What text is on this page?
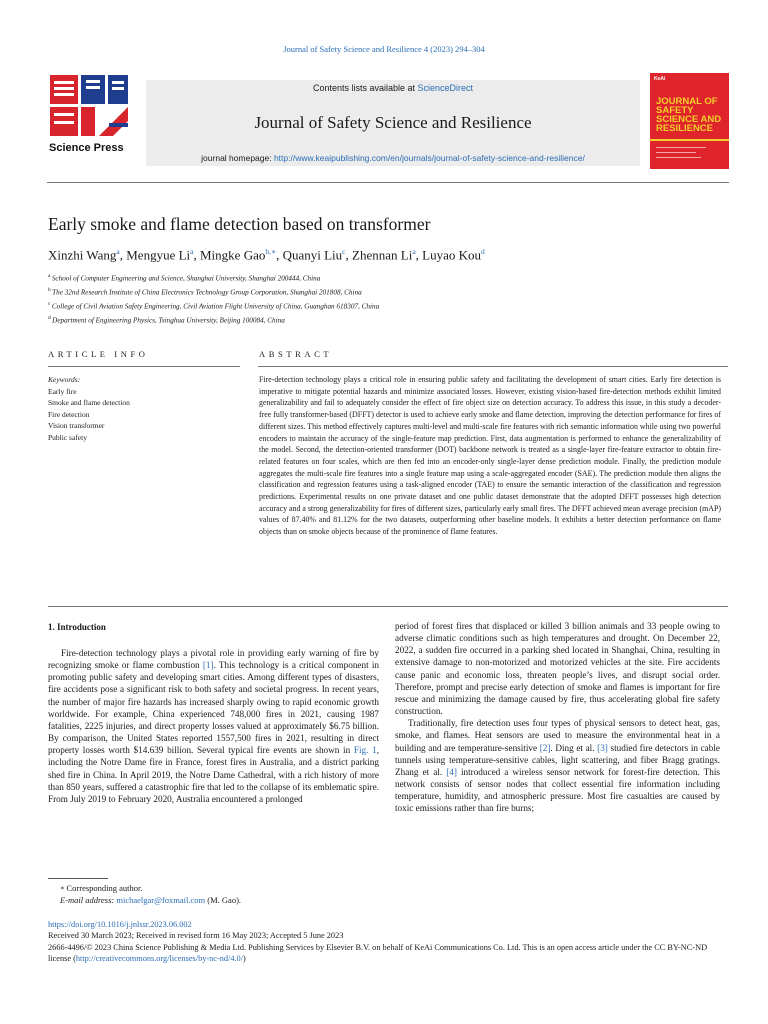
Journal of Safety Science and Resilience 4 (2023) 294–304
Science Press
Contents lists available at ScienceDirect
Journal of Safety Science and Resilience
journal homepage: http://www.keaipublishing.com/en/journals/journal-of-safety-science-and-resilience/
KeAi
JOURNAL OF SAFETY SCIENCE AND RESILIENCE
Early smoke and flame detection based on transformer
Xinzhi Wang$^a$, Mengyue Li$^a$, Mingke Gao$^{b,∗}$, Quanyi Liu$^c$, Zhennan Li$^a$, Luyao Kou$^d$
$^a$ School of Computer Engineering and Science, Shanghai University, Shanghai 200444, China
$^b$ The 32nd Research Institute of China Electronics Technology Group Corporation, Shanghai 201808, China
$^c$ College of Civil Aviation Safety Engineering, Civil Aviation Flight University of China, Guanghan 618307, China
$^d$ Department of Engineering Physics, Tsinghua University, Beijing 100084, China
ARTICLE INFO	ABSTRACT
Keywords:
Early fire
Smoke and flame detection
Fire detection
Vision transformer
Public safety
Fire-detection technology plays a critical role in ensuring public safety and facilitating the development of smart cities. Early fire detection is imperative to mitigate potential hazards and minimize associated losses. However, existing vision-based fire-detection methods exhibit limited generalizability and fail to adequately consider the effect of fire object size on detection accuracy. To address this issue, in this study a decoder-free fully transformer-based (DFFT) detector is used to achieve early smoke and flame detection, improving the detection performance for fires of different sizes. This method effectively captures multi-level and multi-scale fire features with rich semantic information while using two powerful encoders to maintain the accuracy of the single-feature map prediction. First, data augmentation is performed to enhance the generalizability of the model. Second, the detection-oriented transformer (DOT) backbone network is treated as a single-layer fire-feature extractor to obtain fire-related features on four scales, which are then fed into an encoder-only single-layer dense prediction module. Finally, the prediction module aggregates the multi-scale fire features into a single feature map using a scale-aggregated encoder (SAE). The prediction module then aligns the classification and regression features using a task-aligned encoder (TAE) to ensure the semantic interaction of the classification and regression predictions. Experimental results on one private dataset and one public dataset demonstrate that the adopted DFFT possesses high detection accuracy and a strong generalizability for fires of different sizes, particularly early small fires. The DFFT achieved mean average precision (mAP) values of 87.40% and 81.12% for the two datasets, outperforming other baseline models. It exhibits a better detection performance on flame objects than on smoke objects because of the prominence of flame features.
1. Introduction

Fire-detection technology plays a pivotal role in providing early warning of fire by recognizing smoke or flame combustion [1]. This technology is a critical component in promoting public safety and developing smart cities. Among different types of disasters, fire accidents pose a significant risk to both safety and societal progress. In recent years, the number of major fire hazards has increased sharply owing to rapid economic growth worldwide. For example, China experienced 748,000 fires in 2021, causing 1987 fatalities, 2225 injuries, and direct property losses valued at approximately $6.75 billion. By comparison, the United States reported 1557,500 fires in 2021, resulting in direct property losses worth $14.639 billion. Several typical fire events are shown in Fig. 1, including the Notre Dame fire in France, forest fires in Australia, and a district parking shed fire in China. In April 2019, the Notre Dame Cathedral, with a rich history of more than 850 years, suffered a catastrophic fire that led to the collapse of its emblematic spire. From July 2019 to February 2020, Australia encountered a prolonged

period of forest fires that displaced or killed 3 billion animals and 33 people owing to adverse climatic conditions such as high temperatures and drought. On December 22, 2022, a sudden fire occurred in a parking shed located in Shanghai, China, resulting in extensive damage to non-motorized and motorized vehicles at the site. Fire accidents cause panic and economic loss, threaten people’s lives, and disrupt social order. Therefore, prompt and precise early detection of smoke and flames is important for fire rescue and minimizing the damage caused by fire, thus accelerating global fire safety construction.

Traditionally, fire detection uses four types of physical sensors to detect heat, gas, smoke, and flames. Heat sensors are used to measure the environmental heat in a building and are temperature-sensitive [2]. Ding et al. [3] studied fire detectors in cable tunnels using temperature-sensitive cables, light scattering, and fiber Bragg gratings. Zhang et al. [4] introduced a wireless sensor network for forest-fire detection. This network consists of sensor nodes that collect essential fire information including temperature, humidity, and atmospheric pressure. Most fire casualties are caused by toxic emissions rather than fire burns;

∗ Corresponding author.
E-mail address: michaelgar@foxmail.com (M. Gao).
https://doi.org/10.1016/j.jnlssr.2023.06.002
Received 30 March 2023; Received in revised form 16 May 2023; Accepted 5 June 2023
2666-4496/© 2023 China Science Publishing & Media Ltd. Publishing Services by Elsevier B.V. on behalf of KeAi Communications Co. Ltd. This is an open access article under the CC BY-NC-ND license (http://creativecommons.org/licenses/by-nc-nd/4.0/)
